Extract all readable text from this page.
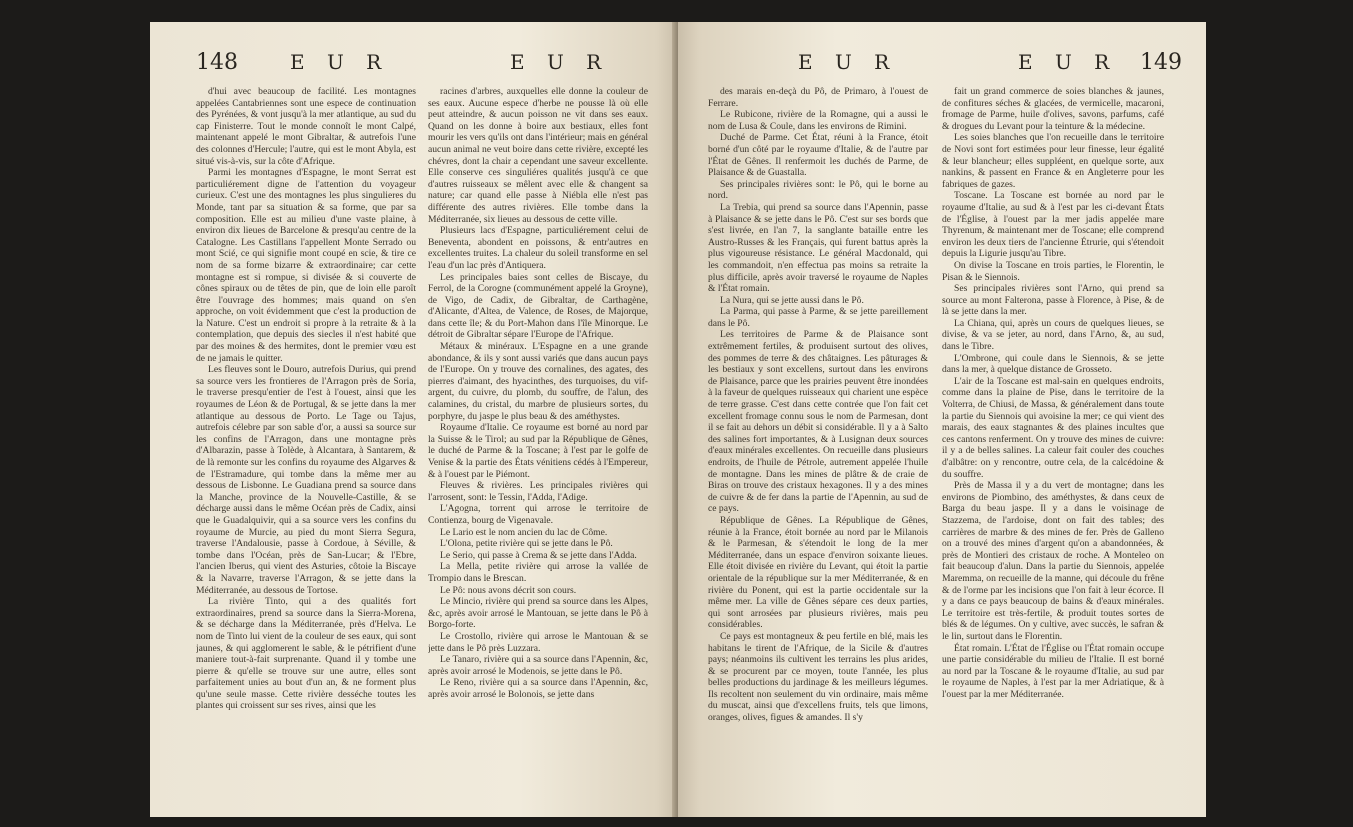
148	E U R	E U R

d'hui avec beaucoup de facilité. Les montagnes appelées Cantabriennes sont une espece de continuation des Pyrénées, & vont jusqu'à la mer atlantique, au sud du cap Finisterre. Tout le monde connoît le mont Calpé, maintenant appelé le mont Gibraltar, & autrefois l'une des colonnes d'Hercule; l'autre, qui est le mont Abyla, est situé vis-à-vis, sur la côte d'Afrique.

Parmi les montagnes d'Espagne, le mont Serrat est particuliérement digne de l'attention du voyageur curieux. C'est une des montagnes les plus singulieres du Monde, tant par sa situation & sa forme, que par sa composition. Elle est au milieu d'une vaste plaine, à environ dix lieues de Barcelone & presqu'au centre de la Catalogne. Les Castillans l'appellent Monte Serrado ou mont Scié, ce qui signifie mont coupé en scie, & tire ce nom de sa forme bizarre & extraordinaire; car cette montagne est si rompue, si divisée & si couverte de cônes spiraux ou de têtes de pin, que de loin elle paroît être l'ouvrage des hommes; mais quand on s'en approche, on voit évidemment que c'est la production de la Nature. C'est un endroit si propre à la retraite & à la contemplation, que depuis des siecles il n'est habité que par des moines & des hermites, dont le premier vœu est de ne jamais le quitter.

Les fleuves sont le Douro, autrefois Durius, qui prend sa source vers les frontieres de l'Arragon près de Soria, le traverse presqu'entier de l'est à l'ouest, ainsi que les royaumes de Léon & de Portugal, & se jette dans la mer atlantique au dessous de Porto. Le Tage ou Tajus, autrefois célebre par son sable d'or, a aussi sa source sur les confins de l'Arragon, dans une montagne près d'Albarazin, passe à Tolède, à Alcantara, à Santarem, & de là remonte sur les confins du royaume des Algarves & de l'Estramadure, qui tombe dans la même mer au dessous de Lisbonne. Le Guadiana prend sa source dans la Manche, province de la Nouvelle-Castille, & se décharge aussi dans le même Océan près de Cadix, ainsi que le Guadalquivir, qui a sa source vers les confins du royaume de Murcie, au pied du mont Sierra Segura, traverse l'Andalousie, passe à Cordoue, à Séville, & tombe dans l'Océan, près de San-Lucar; & l'Ebre, l'ancien Iberus, qui vient des Asturies, côtoie la Biscaye & la Navarre, traverse l'Arragon, & se jette dans la Méditerranée, au dessous de Tortose.

La rivière Tinto, qui a des qualités fort extraordinaires, prend sa source dans la Sierra-Morena, & se décharge dans la Méditerranée, près d'Helva. Le nom de Tinto lui vient de la couleur de ses eaux, qui sont jaunes, & qui agglomerent le sable, & le pétrifient d'une maniere tout-à-fait surprenante. Quand il y tombe une pierre & qu'elle se trouve sur une autre, elles sont parfaitement unies au bout d'un an, & ne forment plus qu'une seule masse. Cette rivière desséche toutes les plantes qui croissent sur ses rives, ainsi que les

racines d'arbres, auxquelles elle donne la couleur de ses eaux. Aucune espece d'herbe ne pousse là où elle peut atteindre, & aucun poisson ne vit dans ses eaux. Quand on les donne à boire aux bestiaux, elles font mourir les vers qu'ils ont dans l'intérieur; mais en général aucun animal ne veut boire dans cette rivière, excepté les chévres, dont la chair a cependant une saveur excellente. Elle conserve ces singuliéres qualités jusqu'à ce que d'autres ruisseaux se mêlent avec elle & changent sa nature; car quand elle passe à Niébla elle n'est pas différente des autres rivières. Elle tombe dans la Méditerranée, six lieues au dessous de cette ville.

Plusieurs lacs d'Espagne, particuliérement celui de Beneventa, abondent en poissons, & entr'autres en excellentes truites. La chaleur du soleil transforme en sel l'eau d'un lac près d'Antiquera.

Les principales baies sont celles de Biscaye, du Ferrol, de la Corogne (communément appelé la Groyne), de Vigo, de Cadix, de Gibraltar, de Carthagène, d'Alicante, d'Altea, de Valence, de Roses, de Majorque, dans cette île; & du Port-Mahon dans l'île Minorque. Le détroit de Gibraltar sépare l'Europe de l'Afrique.

Métaux & minéraux. L'Espagne en a une grande abondance, & ils y sont aussi variés que dans aucun pays de l'Europe. On y trouve des cornalines, des agates, des pierres d'aimant, des hyacinthes, des turquoises, du vif-argent, du cuivre, du plomb, du souffre, de l'alun, des calamines, du cristal, du marbre de plusieurs sortes, du porphyre, du jaspe le plus beau & des améthystes.

Royaume d'Italie. Ce royaume est borné au nord par la Suisse & le Tirol; au sud par la République de Gênes, le duché de Parme & la Toscane; à l'est par le golfe de Venise & la partie des États vénitiens cédés à l'Empereur, & à l'ouest par le Piémont.

Fleuves & rivières. Les principales rivières qui l'arrosent, sont: le Tessin, l'Adda, l'Adige.

L'Agogna, torrent qui arrose le territoire de Contienza, bourg de Vigenavale.

Le Lario est le nom ancien du lac de Côme.

L'Olona, petite rivière qui se jette dans le Pô.

Le Serio, qui passe à Crema & se jette dans l'Adda.

La Mella, petite rivière qui arrose la vallée de Trompio dans le Brescan.

Le Pô: nous avons décrit son cours.

Le Mincio, rivière qui prend sa source dans les Alpes, &c, après avoir arrosé le Mantouan, se jette dans le Pô à Borgo-forte.

Le Crostollo, rivière qui arrose le Mantouan & se jette dans le Pô près Luzzara.

Le Tanaro, rivière qui a sa source dans l'Apennin, &c, après avoir arrosé le Modenois, se jette dans le Pô.

Le Reno, rivière qui a sa source dans l'Apennin, &c, après avoir arrosé le Bolonois, se jette dans

E U R	E U R 149

des marais en-deçà du Pô, de Primaro, à l'ouest de Ferrare.

Le Rubicone, rivière de la Romagne, qui a aussi le nom de Lusa & Coule, dans les environs de Rimini.

Duché de Parme. Cet État, réuni à la France, étoit borné d'un côté par le royaume d'Italie, & de l'autre par l'État de Gênes. Il renfermoit les duchés de Parme, de Plaisance & de Guastalla.

Ses principales rivières sont: le Pô, qui le borne au nord.

La Trebia, qui prend sa source dans l'Apennin, passe à Plaisance & se jette dans le Pô. C'est sur ses bords que s'est livrée, en l'an 7, la sanglante bataille entre les Austro-Russes & les Français, qui furent battus après la plus vigoureuse résistance. Le général Macdonald, qui les commandoit, n'en effectua pas moins sa retraite la plus difficile, après avoir traversé le royaume de Naples & l'État romain.

La Nura, qui se jette aussi dans le Pô.

La Parma, qui passe à Parme, & se jette pareillement dans le Pô.

Les territoires de Parme & de Plaisance sont extrêmement fertiles, & produisent surtout des olives, des pommes de terre & des châtaignes. Les pâturages & les bestiaux y sont excellens, surtout dans les environs de Plaisance, parce que les prairies peuvent être inondées à la faveur de quelques ruisseaux qui charient une espèce de terre grasse. C'est dans cette contrée que l'on fait cet excellent fromage connu sous le nom de Parmesan, dont il se fait au dehors un débit si considérable. Il y a à Salto des salines fort importantes, & à Lusignan deux sources d'eaux minérales excellentes. On recueille dans plusieurs endroits, de l'huile de Pétrole, autrement appelée l'huile de montagne. Dans les mines de plâtre & de craie de Biras on trouve des cristaux hexagones. Il y a des mines de cuivre & de fer dans la partie de l'Apennin, au sud de ce pays.

République de Gênes. La République de Gênes, réunie à la France, étoit bornée au nord par le Milanois & le Parmesan, & s'étendoit le long de la mer Méditerranée, dans un espace d'environ soixante lieues. Elle étoit divisée en rivière du Levant, qui étoit la partie orientale de la république sur la mer Méditerranée, & en rivière du Ponent, qui est la partie occidentale sur la même mer. La ville de Gênes sépare ces deux parties, qui sont arrosées par plusieurs rivières, mais peu considérables.

Ce pays est montagneux & peu fertile en blé, mais les habitans le tirent de l'Afrique, de la Sicile & d'autres pays; néanmoins ils cultivent les terrains les plus arides, & se procurent par ce moyen, toute l'année, les plus belles productions du jardinage & les meilleurs légumes. Ils recoltent non seulement du vin ordinaire, mais même du muscat, ainsi que d'excellens fruits, tels que limons, oranges, olives, figues & amandes. Il s'y

fait un grand commerce de soies blanches & jaunes, de confitures séches & glacées, de vermicelle, macaroni, fromage de Parme, huile d'olives, savons, parfums, café & drogues du Levant pour la teinture & la médecine.

Les soies blanches que l'on recueille dans le territoire de Novi sont fort estimées pour leur finesse, leur égalité & leur blancheur; elles suppléent, en quelque sorte, aux nankins, & passent en France & en Angleterre pour les fabriques de gazes.

Toscane. La Toscane est bornée au nord par le royaume d'Italie, au sud & à l'est par les ci-devant États de l'Église, à l'ouest par la mer jadis appelée mare Thyrenum, & maintenant mer de Toscane; elle comprend environ les deux tiers de l'ancienne Étrurie, qui s'étendoit depuis la Ligurie jusqu'au Tibre.

On divise la Toscane en trois parties, le Florentin, le Pisan & le Siennois.

Ses principales rivières sont l'Arno, qui prend sa source au mont Falterona, passe à Florence, à Pise, & de là se jette dans la mer.

La Chiana, qui, après un cours de quelques lieues, se divise, & va se jeter, au nord, dans l'Arno, &, au sud, dans le Tibre.

L'Ombrone, qui coule dans le Siennois, & se jette dans la mer, à quelque distance de Grosseto.

L'air de la Toscane est mal-sain en quelques endroits, comme dans la plaine de Pise, dans le territoire de la Volterra, de Chiusi, de Massa, & généralement dans toute la partie du Siennois qui avoisine la mer; ce qui vient des marais, des eaux stagnantes & des plaines incultes que ces cantons renferment. On y trouve des mines de cuivre: il y a de belles salines. La caleur fait couler des couches d'albâtre: on y rencontre, outre cela, de la calcédoine & du souffre.

Près de Massa il y a du vert de montagne; dans les environs de Piombino, des améthystes, & dans ceux de Barga du beau jaspe. Il y a dans le voisinage de Stazzema, de l'ardoise, dont on fait des tables; des carrières de marbre & des mines de fer. Près de Galleno on a trouvé des mines d'argent qu'on a abandonnées, & près de Montieri des cristaux de roche. A Monteleo on fait beaucoup d'alun. Dans la partie du Siennois, appelée Maremma, on recueille de la manne, qui découle du frêne & de l'orme par les incisions que l'on fait à leur écorce. Il y a dans ce pays beaucoup de bains & d'eaux minérales. Le territoire est très-fertile, & produit toutes sortes de blés & de légumes. On y cultive, avec succès, le safran & le lin, surtout dans le Florentin.

État romain. L'État de l'Église ou l'État romain occupe une partie considérable du milieu de l'Italie. Il est borné au nord par la Toscane & le royaume d'Italie, au sud par le royaume de Naples, à l'est par la mer Adriatique, & à l'ouest par la mer Méditerranée.
